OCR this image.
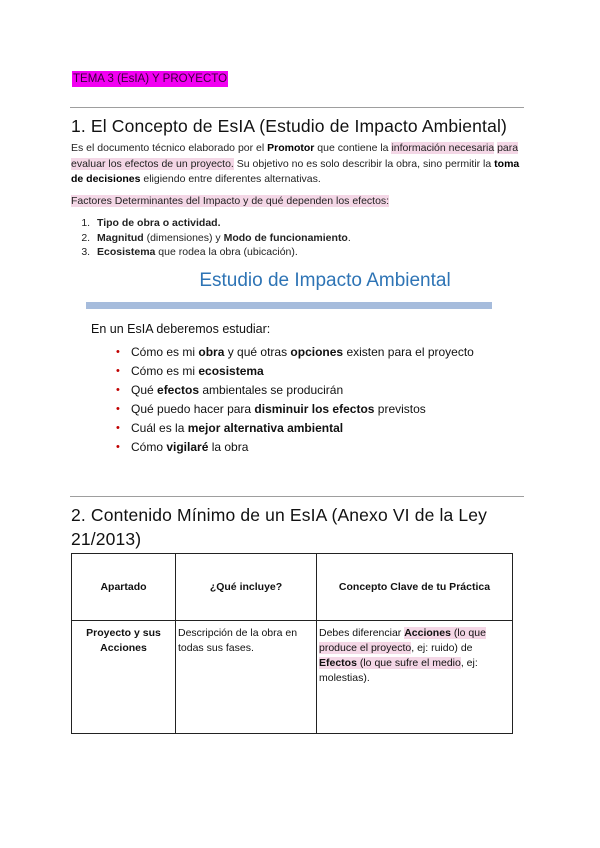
TEMA 3 (EsIA) Y PROYECTO
1. El Concepto de EsIA (Estudio de Impacto Ambiental)

Es el documento técnico elaborado por el Promotor que contiene la información necesaria para evaluar los efectos de un proyecto. Su objetivo no es solo describir la obra, sino permitir la toma de decisiones eligiendo entre diferentes alternativas.

Factores Determinantes del Impacto y de qué dependen los efectos:

1. Tipo de obra o actividad.
2. Magnitud (dimensiones) y Modo de funcionamiento.
3. Ecosistema que rodea la obra (ubicación).
Estudio de Impacto Ambiental
En un EsIA deberemos estudiar:
• Cómo es mi obra y qué otras opciones existen para el proyecto
• Cómo es mi ecosistema
• Qué efectos ambientales se producirán
• Qué puedo hacer para disminuir los efectos previstos
• Cuál es la mejor alternativa ambiental
• Cómo vigilaré la obra
2. Contenido Mínimo de un EsIA (Anexo VI de la Ley 21/2013)
Apartado	¿Qué incluye?	Concepto Clave de tu Práctica
Proyecto y sus Acciones	Descripción de la obra en todas sus fases.	Debes diferenciar Acciones (lo que produce el proyecto, ej: ruido) de Efectos (lo que sufre el medio, ej: molestias).
